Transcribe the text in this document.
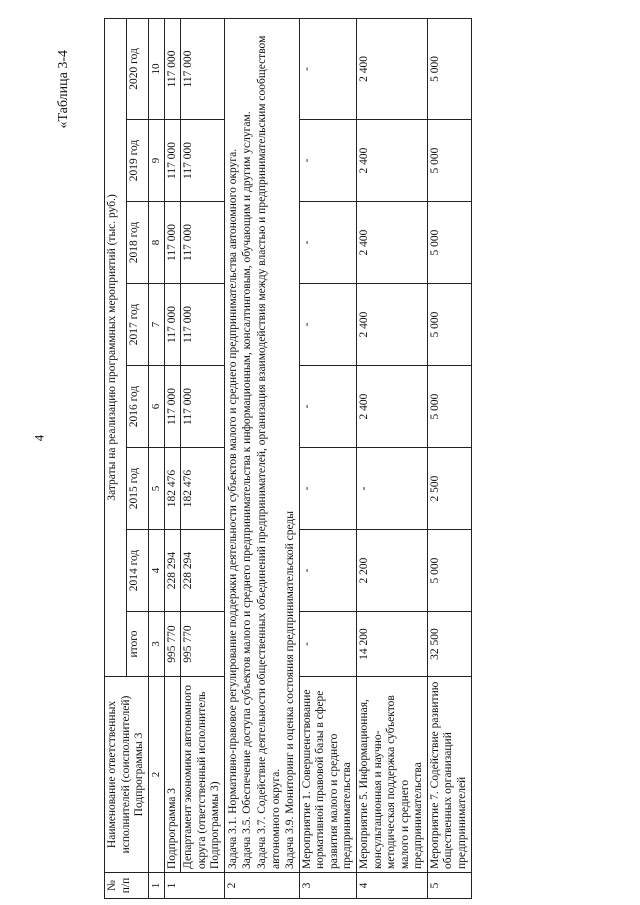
4
«Таблица 3-4
№ п/п	Наименование ответственных исполнителей (соисполнителей) Подпрограммы 3	Затраты на реализацию программных мероприятий (тыс. руб.)							
		итого	2014 год	2015 год	2016 год	2017 год	2018 год	2019 год	2020 год
1	2	3	4	5	6	7	8	9	10
1	Подпрограмма 3	995 770	228 294	182 476	117 000	117 000	117 000	117 000	117 000
	Департамент экономики автономного округа (ответственный исполнитель Подпрограммы 3)	995 770	228 294	182 476	117 000	117 000	117 000	117 000	117 000
2	Задача 3.1. Нормативно-правовое регулирование поддержки деятельности субъектов малого и среднего предпринимательства автономного округа. Задача 3.5. Обеспечение доступа субъектов малого и среднего предпринимательства к информационным, консалтинговым, обучающим и другим услугам. Задача 3.7. Содействие деятельности общественных объединений предпринимателей, организация взаимодействия между властью и предпринимательским сообществом автономного округа. Задача 3.9. Мониторинг и оценка состояния предпринимательской среды								

3	Мероприятие 1. Совершенствование нормативной правовой базы в сфере развития малого и среднего предпринимательства	-	-	-	-	-	-	-	-
4	Мероприятие 5. Информационная, консультационная и научно-методическая поддержка субъектов малого и среднего предпринимательства	14 200	2 200	-	2 400	2 400	2 400	2 400	2 400
5	Мероприятие 7. Содействие развитию общественных организаций предпринимателей	32 500	5 000	2 500	5 000	5 000	5 000	5 000	5 000
